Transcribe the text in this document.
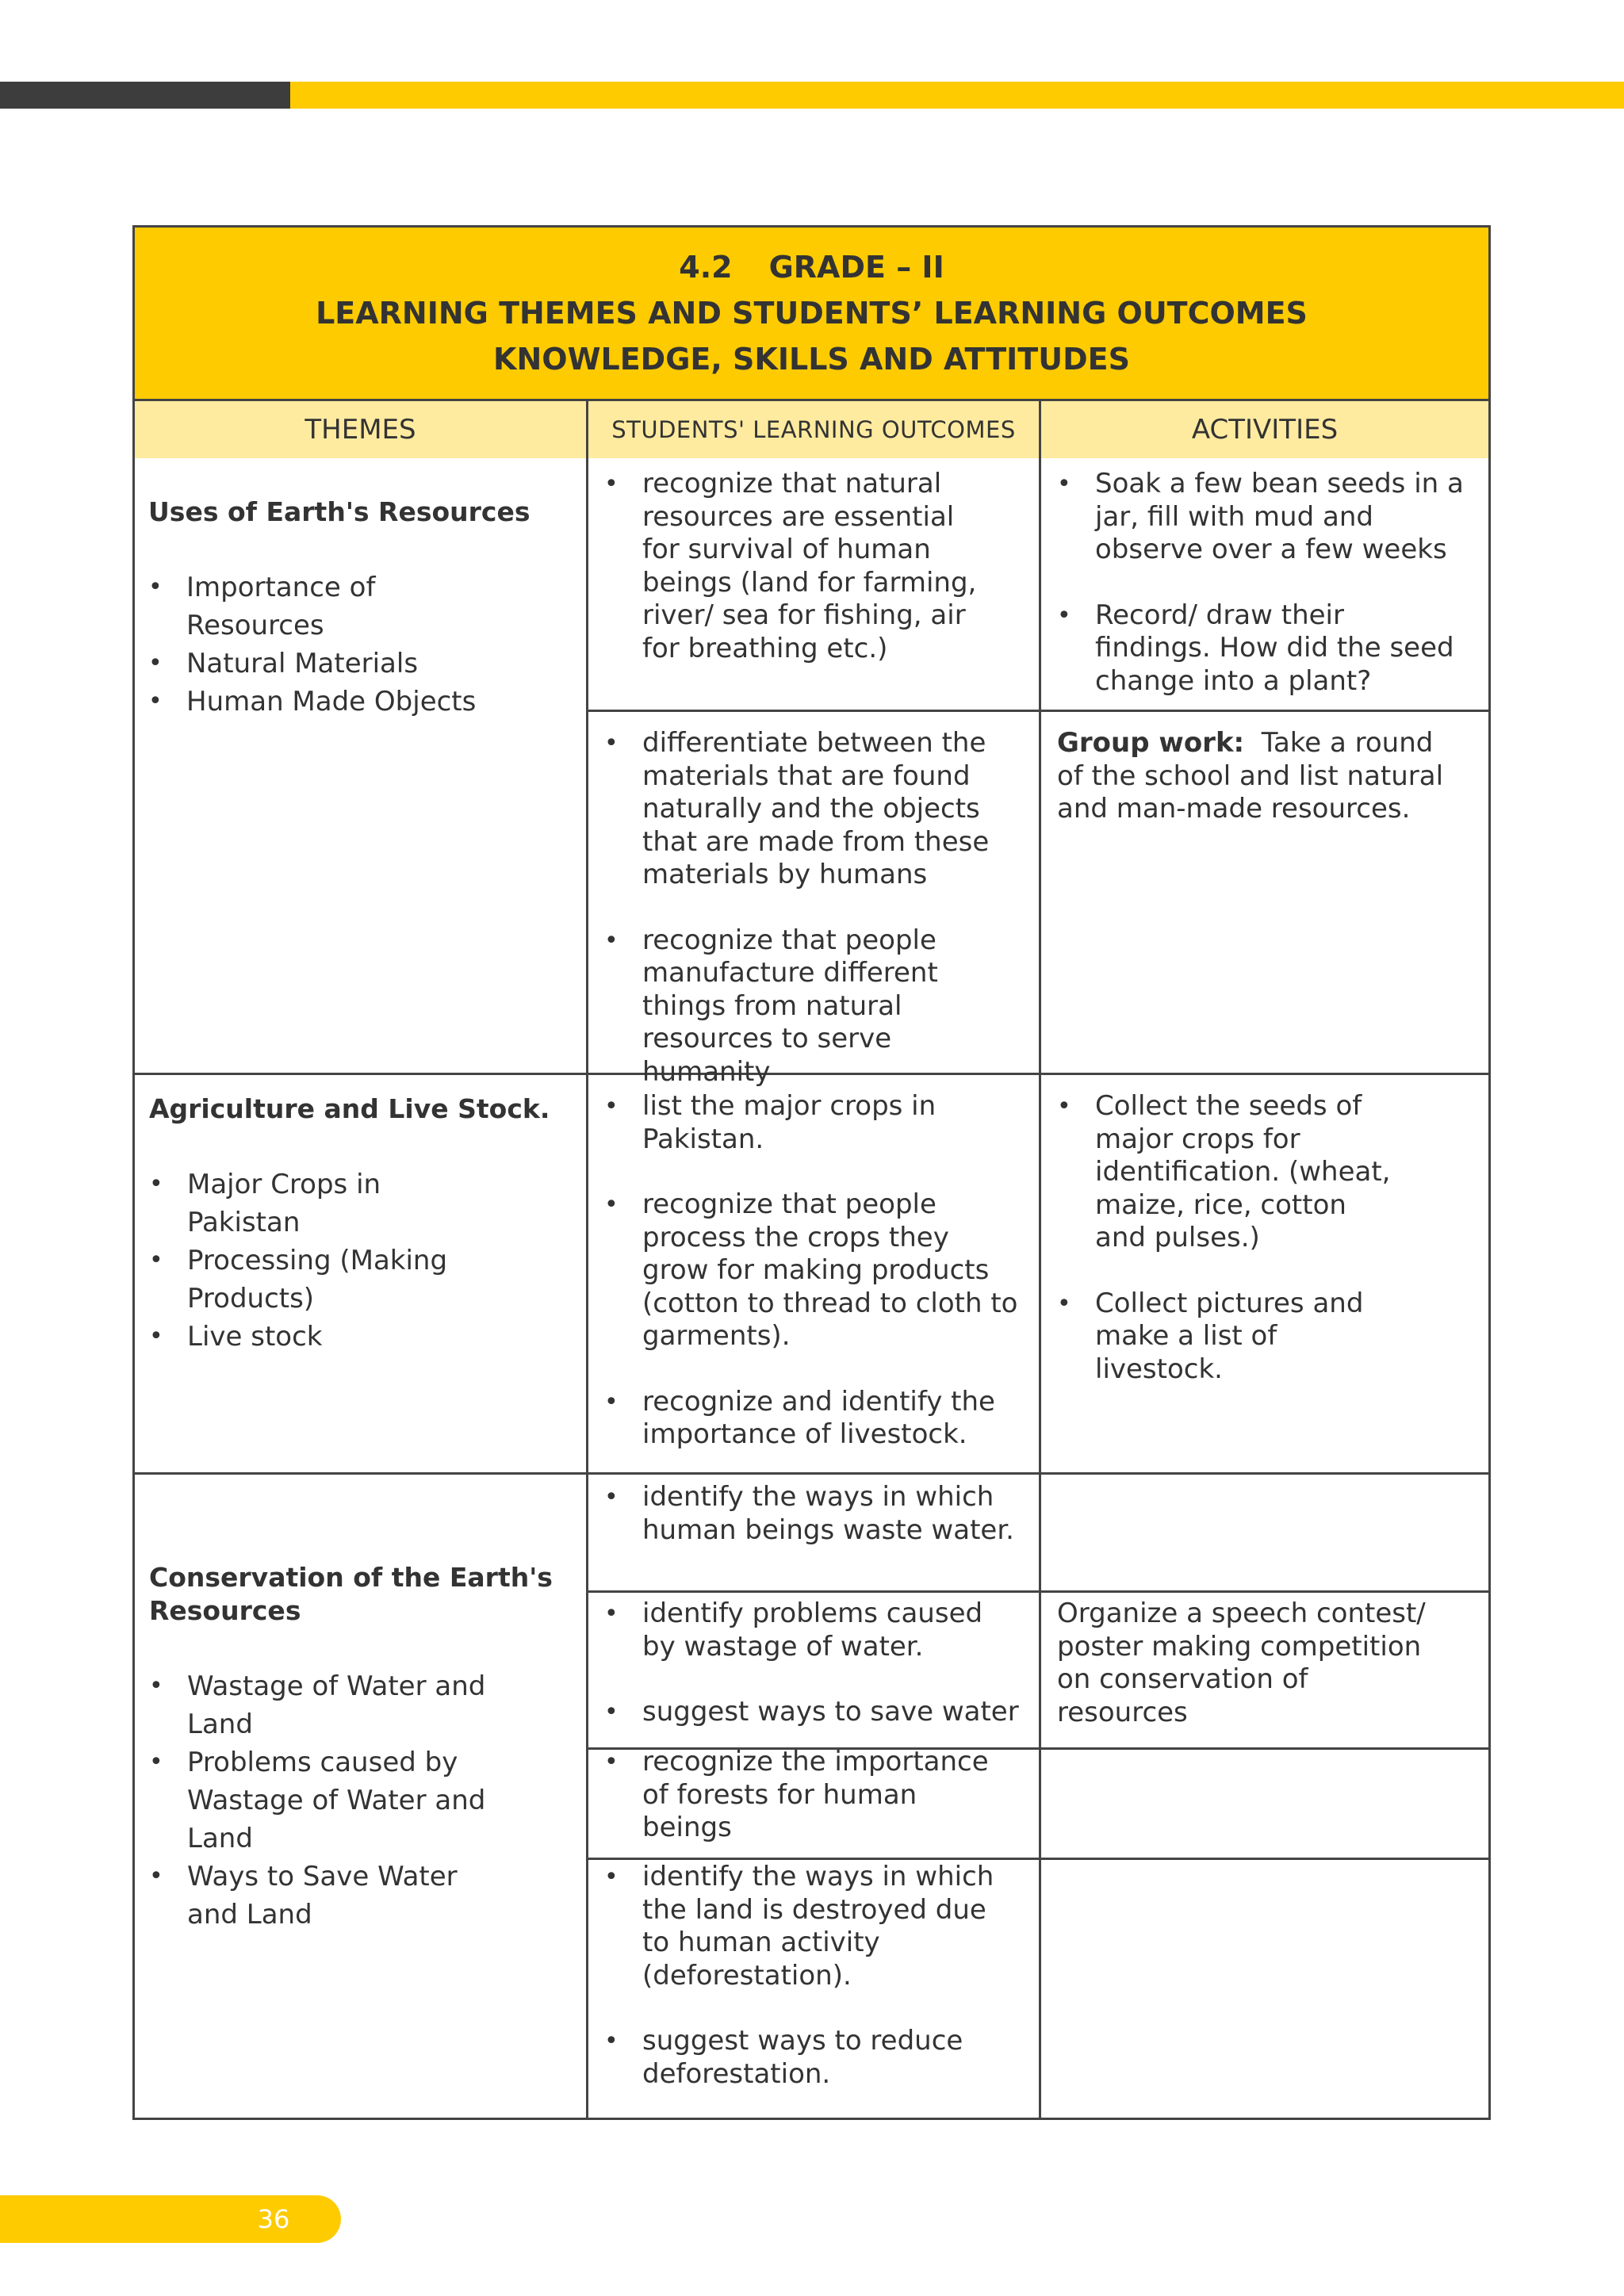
4.2 GRADE – II
LEARNING THEMES AND STUDENTS’ LEARNING OUTCOMES
KNOWLEDGE, SKILLS AND ATTITUDES
THEMES	STUDENTS' LEARNING OUTCOMES	ACTIVITIES
Uses of Earth's Resources
• Importance of Resources
• Natural Materials
• Human Made Objects
• recognize that natural resources are essential for survival of human beings (land for farming, river/ sea for fishing, air for breathing etc.)
• Soak a few bean seeds in a jar, fill with mud and observe over a few weeks
• Record/ draw their findings. How did the seed change into a plant?
• differentiate between the materials that are found naturally and the objects that are made from these materials by humans
• recognize that people manufacture different things from natural resources to serve humanity
Group work: Take a round of the school and list natural and man-made resources.
Agriculture and Live Stock.
• Major Crops in Pakistan
• Processing (Making Products)
• Live stock
• list the major crops in Pakistan.
• recognize that people process the crops they grow for making products (cotton to thread to cloth to garments).
• recognize and identify the importance of livestock.
• Collect the seeds of major crops for identification. (wheat, maize, rice, cotton and pulses.)
• Collect pictures and make a list of livestock.
Conservation of the Earth's Resources
• Wastage of Water and Land
• Problems caused by Wastage of Water and Land
• Ways to Save Water and Land
• identify the ways in which human beings waste water.
• identify problems caused by wastage of water.
• suggest ways to save water
Organize a speech contest/ poster making competition on conservation of resources
• recognize the importance of forests for human beings
• identify the ways in which the land is destroyed due to human activity (deforestation).
• suggest ways to reduce deforestation.
36
